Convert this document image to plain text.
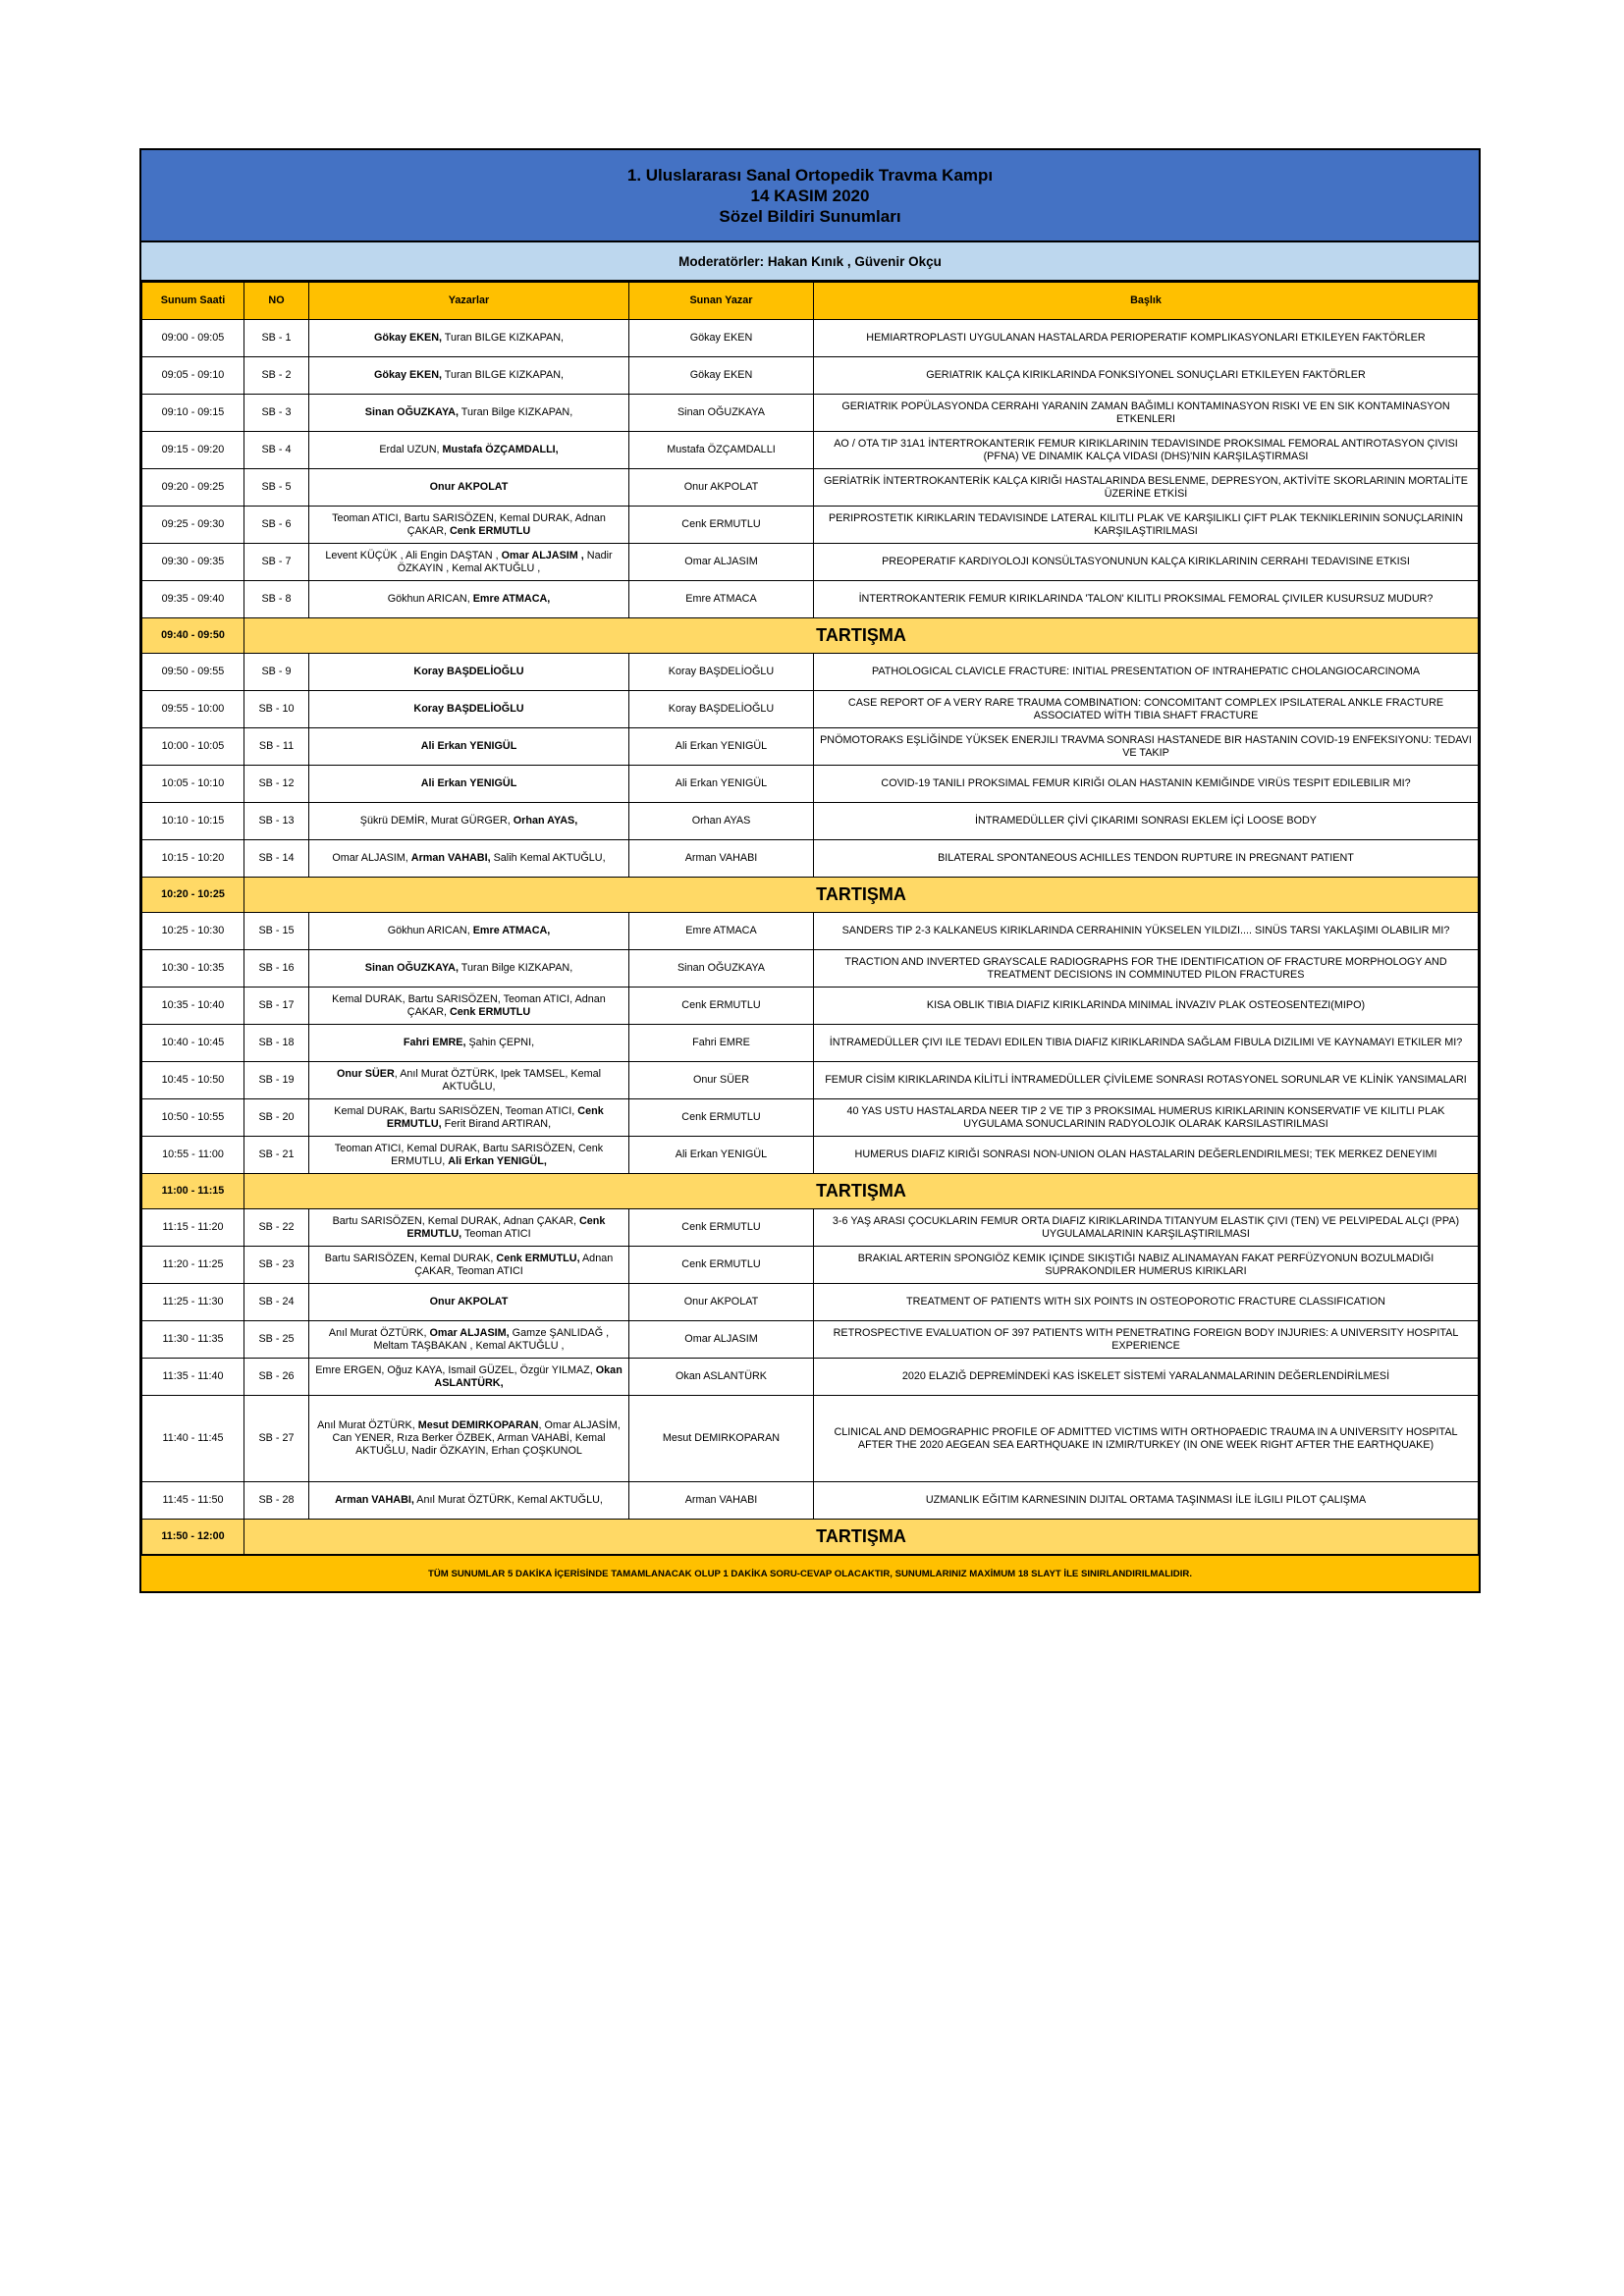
1. Uluslararası Sanal Ortopedik Travma Kampı
14 KASIM 2020
Sözel Bildiri Sunumları
Moderatörler: Hakan Kınık , Güvenir Okçu
Sunum Saati	NO	Yazarlar	Sunan Yazar	Başlık
09:00 - 09:05	SB - 1	Gökay EKEN, Turan BILGE KIZKAPAN,	Gökay EKEN	HEMIARTROPLASTI UYGULANAN HASTALARDA PERIOPERATIF KOMPLIKASYONLARI ETKILEYEN FAKTÖRLER
09:05 - 09:10	SB - 2	Gökay EKEN, Turan BILGE KIZKAPAN,	Gökay EKEN	GERIATRIK KALÇA KIRIKLARINDA FONKSIYONEL SONUÇLARI ETKILEYEN FAKTÖRLER
09:10 - 09:15	SB - 3	Sinan OĞUZKAYA, Turan Bilge KIZKAPAN,	Sinan OĞUZKAYA	GERIATRIK POPÜLASYONDA CERRAHI YARANIN ZAMAN BAĞIMLI KONTAMINASYON RISKI VE EN SIK KONTAMINASYON ETKENLERI
09:15 - 09:20	SB - 4	Erdal UZUN, Mustafa ÖZÇAMDALLI,	Mustafa ÖZÇAMDALLI	AO / OTA TIP 31A1 İNTERTROKANTERIK FEMUR KIRIKLARININ TEDAVISINDE PROKSIMAL FEMORAL ANTIROTASYON ÇIVISI (PFNA) VE DINAMIK KALÇA VIDASI (DHS)'NIN KARŞILAŞTIRMASI
09:20 - 09:25	SB - 5	Onur AKPOLAT	Onur AKPOLAT	GERİATRİK İNTERTROKANTERİK KALÇA KIRIĞI HASTALARINDA BESLENME, DEPRESYON, AKTİVİTE SKORLARININ MORTALİTE ÜZERİNE ETKİSİ
09:25 - 09:30	SB - 6	Teoman ATICI, Bartu SARISÖZEN, Kemal DURAK, Adnan ÇAKAR, Cenk ERMUTLU	Cenk ERMUTLU	PERIPROSTETIK KIRIKLARIN TEDAVISINDE LATERAL KILITLI PLAK VE KARŞILIKLI ÇIFT PLAK TEKNIKLERININ SONUÇLARININ KARŞILAŞTIRILMASI
09:30 - 09:35	SB - 7	Levent KÜÇÜK , Ali Engin DAŞTAN , Omar ALJASIM , Nadir ÖZKAYIN , Kemal AKTUĞLU ,	Omar ALJASIM	PREOPERATIF KARDIYOLOJI KONSÜLTASYONUNUN KALÇA KIRIKLARININ CERRAHI TEDAVISINE ETKISI
09:35 - 09:40	SB - 8	Gökhun ARICAN, Emre ATMACA,	Emre ATMACA	İNTERTROKANTERIK FEMUR KIRIKLARINDA 'TALON' KILITLI PROKSIMAL FEMORAL ÇIVILER KUSURSUZ MUDUR?
09:40 - 09:50	TARTIŞMA			
09:50 - 09:55	SB - 9	Koray BAŞDELİOĞLU	Koray BAŞDELİOĞLU	PATHOLOGICAL CLAVICLE FRACTURE: INITIAL PRESENTATION OF INTRAHEPATIC CHOLANGIOCARCINOMA
09:55 - 10:00	SB - 10	Koray BAŞDELİOĞLU	Koray BAŞDELİOĞLU	CASE REPORT OF A VERY RARE TRAUMA COMBINATION: CONCOMITANT COMPLEX IPSILATERAL ANKLE FRACTURE ASSOCIATED WİTH TIBIA SHAFT FRACTURE
10:00 - 10:05	SB - 11	Ali Erkan YENIGÜL	Ali Erkan YENIGÜL	PNÖMOTORAKS EŞLİĞİNDE YÜKSEK ENERJILI TRAVMA SONRASI HASTANEDE BIR HASTANIN COVID-19 ENFEKSIYONU: TEDAVI VE TAKIP
10:05 - 10:10	SB - 12	Ali Erkan YENIGÜL	Ali Erkan YENIGÜL	COVID-19 TANILI PROKSIMAL FEMUR KIRIĞI OLAN HASTANIN KEMIĞINDE VIRÜS TESPIT EDILEBILIR MI?
10:10 - 10:15	SB - 13	Şükrü DEMİR, Murat GÜRGER, Orhan AYAS,	Orhan AYAS	İNTRAMEDÜLLER ÇİVİ ÇIKARIMI SONRASI EKLEM İÇİ LOOSE BODY
10:15 - 10:20	SB - 14	Omar ALJASIM, Arman VAHABI, Salih Kemal AKTUĞLU,	Arman VAHABI	BILATERAL SPONTANEOUS ACHILLES TENDON RUPTURE IN PREGNANT PATIENT
10:20 - 10:25	TARTIŞMA			
10:25 - 10:30	SB - 15	Gökhun ARICAN, Emre ATMACA,	Emre ATMACA	SANDERS TIP 2-3 KALKANEUS KIRIKLARINDA CERRAHININ YÜKSELEN YILDIZI.... SINÜS TARSI YAKLAŞIMI OLABILIR MI?
10:30 - 10:35	SB - 16	Sinan OĞUZKAYA, Turan Bilge KIZKAPAN,	Sinan OĞUZKAYA	TRACTION AND INVERTED GRAYSCALE RADIOGRAPHS FOR THE IDENTIFICATION OF FRACTURE MORPHOLOGY AND TREATMENT DECISIONS IN COMMINUTED PILON FRACTURES
10:35 - 10:40	SB - 17	Kemal DURAK, Bartu SARISÖZEN, Teoman ATICI, Adnan ÇAKAR, Cenk ERMUTLU	Cenk ERMUTLU	KISA OBLIK TIBIA DIAFIZ KIRIKLARINDA MINIMAL İNVAZIV PLAK OSTEOSENTEZI(MIPO)
10:40 - 10:45	SB - 18	Fahri EMRE, Şahin ÇEPNI,	Fahri EMRE	İNTRAMEDÜLLER ÇIVI ILE TEDAVI EDILEN TIBIA DIAFIZ KIRIKLARINDA SAĞLAM FIBULA DIZILIMI VE KAYNAMAYI ETKILER MI?
10:45 - 10:50	SB - 19	Onur SÜER, Anıl Murat ÖZTÜRK, Ipek TAMSEL, Kemal AKTUĞLU,	Onur SÜER	FEMUR CİSİM KIRIKLARINDA KİLİTLİ İNTRAMEDÜLLER ÇİVİLEME SONRASI ROTASYONEL SORUNLAR VE KLİNİK YANSIMALARI
10:50 - 10:55	SB - 20	Kemal DURAK, Bartu SARISÖZEN, Teoman ATICI, Cenk ERMUTLU, Ferit Birand ARTIRAN,	Cenk ERMUTLU	40 YAS USTU HASTALARDA NEER TIP 2 VE TIP 3 PROKSIMAL HUMERUS KIRIKLARININ KONSERVATIF VE KILITLI PLAK UYGULAMA SONUCLARININ RADYOLOJIK OLARAK KARSILASTIRILMASI
10:55 - 11:00	SB - 21	Teoman ATICI, Kemal DURAK, Bartu SARISÖZEN, Cenk ERMUTLU, Ali Erkan YENIGÜL,	Ali Erkan YENIGÜL	HUMERUS DIAFIZ KIRIĞI SONRASI NON-UNION OLAN HASTALARIN DEĞERLENDIRILMESI; TEK MERKEZ DENEYIMI
11:00 - 11:15	TARTIŞMA			
11:15 - 11:20	SB - 22	Bartu SARISÖZEN, Kemal DURAK, Adnan ÇAKAR, Cenk ERMUTLU, Teoman ATICI	Cenk ERMUTLU	3-6 YAŞ ARASI ÇOCUKLARIN FEMUR ORTA DIAFIZ KIRIKLARINDA TITANYUM ELASTIK ÇIVI (TEN) VE PELVIPEDAL ALÇI (PPA) UYGULAMALARININ KARŞILAŞTIRILMASI
11:20 - 11:25	SB - 23	Bartu SARISÖZEN, Kemal DURAK, Cenk ERMUTLU, Adnan ÇAKAR, Teoman ATICI	Cenk ERMUTLU	BRAKIAL ARTERIN SPONGIÖZ KEMIK IÇINDE SIKIŞTIĞI NABIZ ALINAMAYAN FAKAT PERFÜZYONUN BOZULMADIĞI SUPRAKONDILER HUMERUS KIRIKLARI
11:25 - 11:30	SB - 24	Onur AKPOLAT	Onur AKPOLAT	TREATMENT OF PATIENTS WITH SIX POINTS IN OSTEOPOROTIC FRACTURE CLASSIFICATION
11:30 - 11:35	SB - 25	Anıl Murat ÖZTÜRK, Omar ALJASIM, Gamze ŞANLIDAĞ , Meltam TAŞBAKAN , Kemal AKTUĞLU ,	Omar ALJASIM	RETROSPECTIVE EVALUATION OF 397 PATIENTS WITH PENETRATING FOREIGN BODY INJURIES: A UNIVERSITY HOSPITAL EXPERIENCE
11:35 - 11:40	SB - 26	Emre ERGEN, Oğuz KAYA, Ismail GÜZEL, Özgür YILMAZ, Okan ASLANTÜRK,	Okan ASLANTÜRK	2020 ELAZIĞ DEPREMİNDEKİ KAS İSKELET SİSTEMİ YARALANMALARININ DEĞERLENDİRİLMESİ
11:40 - 11:45	SB - 27	Anıl Murat ÖZTÜRK, Mesut DEMIRKOPARAN, Omar ALJASİM, Can YENER, Rıza Berker ÖZBEK, Arman VAHABİ, Kemal AKTUĞLU, Nadir ÖZKAYIN, Erhan ÇOŞKUNOL	Mesut DEMIRKOPARAN	CLINICAL AND DEMOGRAPHIC PROFILE OF ADMITTED VICTIMS WITH ORTHOPAEDIC TRAUMA IN A UNIVERSITY HOSPITAL AFTER THE 2020 AEGEAN SEA EARTHQUAKE IN IZMIR/TURKEY (IN ONE WEEK RIGHT AFTER THE EARTHQUAKE)
11:45 - 11:50	SB - 28	Arman VAHABI, Anıl Murat ÖZTÜRK, Kemal AKTUĞLU,	Arman VAHABI	UZMANLIK EĞITIM KARNESININ DIJITAL ORTAMA TAŞINMASI İLE İLGILI PILOT ÇALIŞMA
11:50 - 12:00	TARTIŞMA			
TÜM SUNUMLAR 5 DAKİKA İÇERİSİNDE TAMAMLANACAK OLUP 1 DAKİKA SORU-CEVAP OLACAKTIR, SUNUMLARINIZ MAXİMUM 18 SLAYT İLE SINIRLANDIRILMALIDIR.
